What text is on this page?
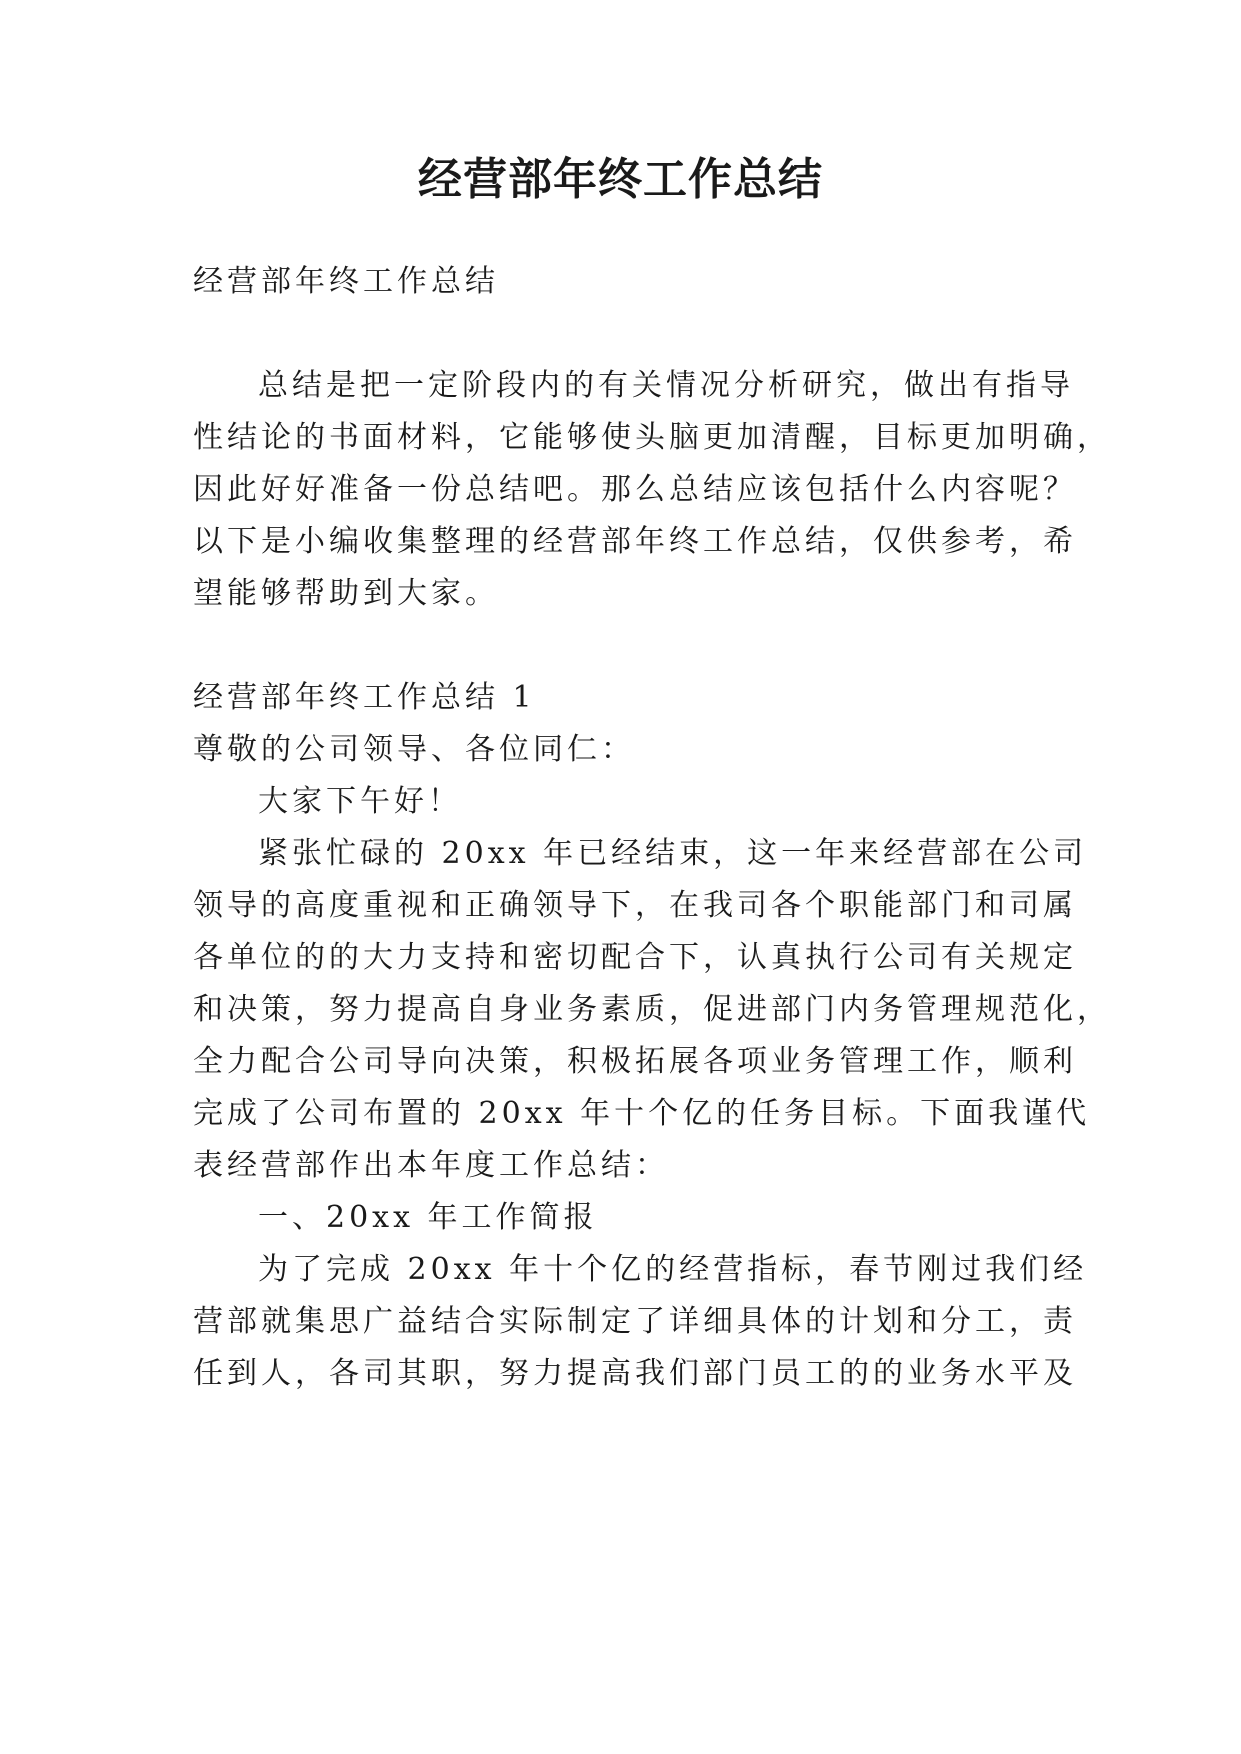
经营部年终工作总结

经营部年终工作总结

总结是把一定阶段内的有关情况分析研究，做出有指导

性结论的书面材料，它能够使头脑更加清醒，目标更加明确，

因此好好准备一份总结吧。那么总结应该包括什么内容呢？

以下是小编收集整理的经营部年终工作总结，仅供参考，希

望能够帮助到大家。

经营部年终工作总结 1

尊敬的公司领导、各位同仁：

大家下午好！

紧张忙碌的 20xx 年已经结束，这一年来经营部在公司

领导的高度重视和正确领导下，在我司各个职能部门和司属

各单位的的大力支持和密切配合下，认真执行公司有关规定

和决策，努力提高自身业务素质，促进部门内务管理规范化，

全力配合公司导向决策，积极拓展各项业务管理工作，顺利

完成了公司布置的 20xx 年十个亿的任务目标。下面我谨代

表经营部作出本年度工作总结：

一、20xx 年工作简报

为了完成 20xx 年十个亿的经营指标，春节刚过我们经

营部就集思广益结合实际制定了详细具体的计划和分工，责

任到人，各司其职，努力提高我们部门员工的的业务水平及
